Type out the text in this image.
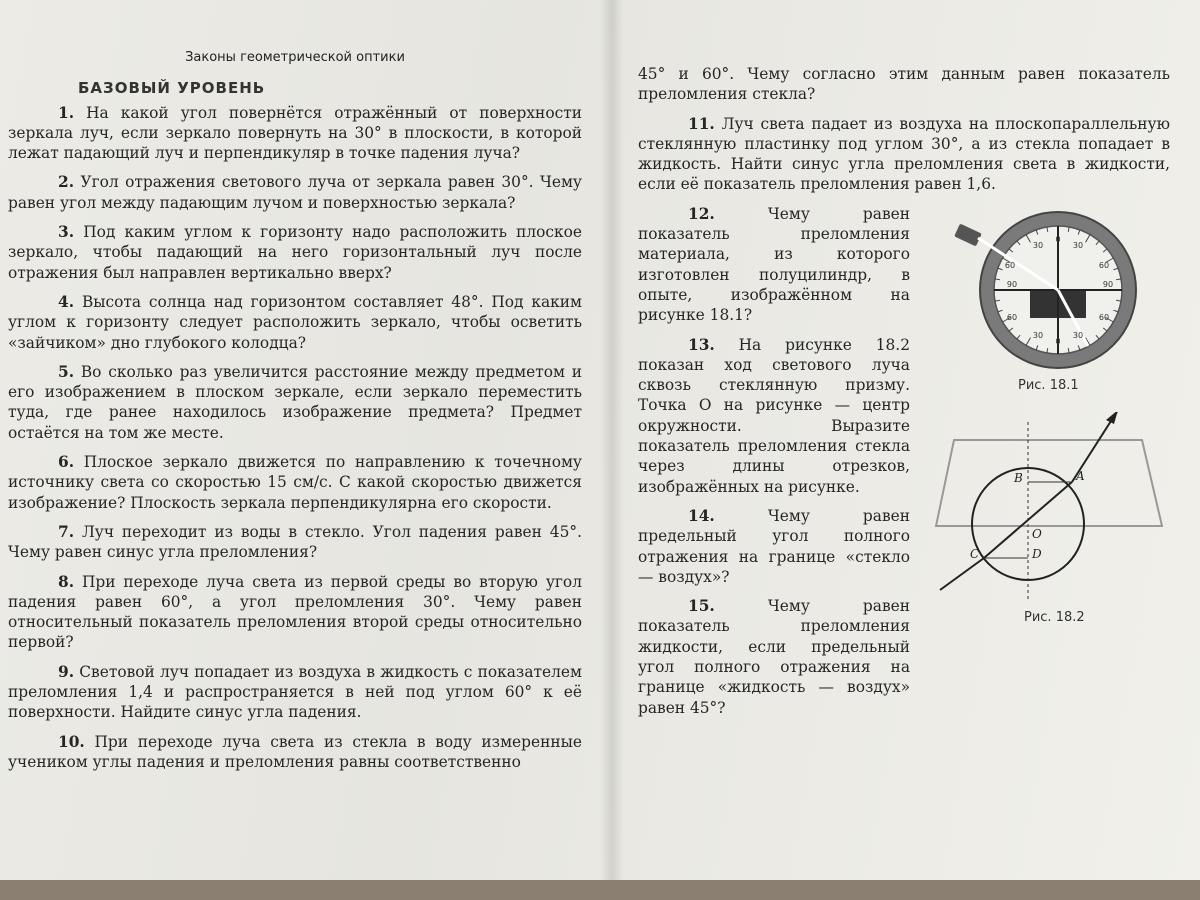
Законы геометрической оптики
БАЗОВЫЙ УРОВЕНЬ
1. На какой угол повернётся отражённый от поверхности зеркала луч, если зеркало повернуть на 30° в плоскости, в которой лежат падающий луч и перпендикуляр в точке падения луча?
2. Угол отражения светового луча от зеркала равен 30°. Чему равен угол между падающим лучом и поверхностью зеркала?
3. Под каким углом к горизонту надо расположить плоское зеркало, чтобы падающий на него горизонтальный луч после отражения был направлен вертикально вверх?
4. Высота солнца над горизонтом составляет 48°. Под каким углом к горизонту следует расположить зеркало, чтобы осветить «зайчиком» дно глубокого колодца?
5. Во сколько раз увеличится расстояние между предметом и его изображением в плоском зеркале, если зеркало переместить туда, где ранее находилось изображение предмета? Предмет остаётся на том же месте.
6. Плоское зеркало движется по направлению к точечному источнику света со скоростью 15 см/с. С какой скоростью движется изображение? Плоскость зеркала перпендикулярна его скорости.
7. Луч переходит из воды в стекло. Угол падения равен 45°. Чему равен синус угла преломления?
8. При переходе луча света из первой среды во вторую угол падения равен 60°, а угол преломления 30°. Чему равен относительный показатель преломления второй среды относительно первой?
9. Световой луч попадает из воздуха в жидкость с показателем преломления 1,4 и распространяется в ней под углом 60° к её поверхности. Найдите синус угла падения.
10. При переходе луча света из стекла в воду измеренные учеником углы падения и преломления равны соответственно
45° и 60°. Чему согласно этим данным равен показатель преломления стекла?
11. Луч света падает из воздуха на плоскопараллельную стеклянную пластинку под углом 30°, а из стекла попадает в жидкость. Найти синус угла преломления света в жидкости, если её показатель преломления равен 1,6.
12.	Чему равен показатель преломления материала, из которого изготовлен полуцилиндр, в опыте, изображённом на рисунке 18.1?
13. На рисунке 18.2 показан ход светового луча сквозь стеклянную призму. Точка O на рисунке — центр окружности. Выразите показатель преломления стекла через длины отрезков, изображённых на рисунке.
14.	Чему равен предельный угол полного отражения на границе «стекло — воздух»?
15.	Чему равен показатель преломления жидкости, если предельный угол полного отражения на границе «жидкость — воздух» равен 45°?
30
0
30
60
90	90
60
60
30
0
30
60
Рис. 18.1
B	A
O
C	D
Рис. 18.2
